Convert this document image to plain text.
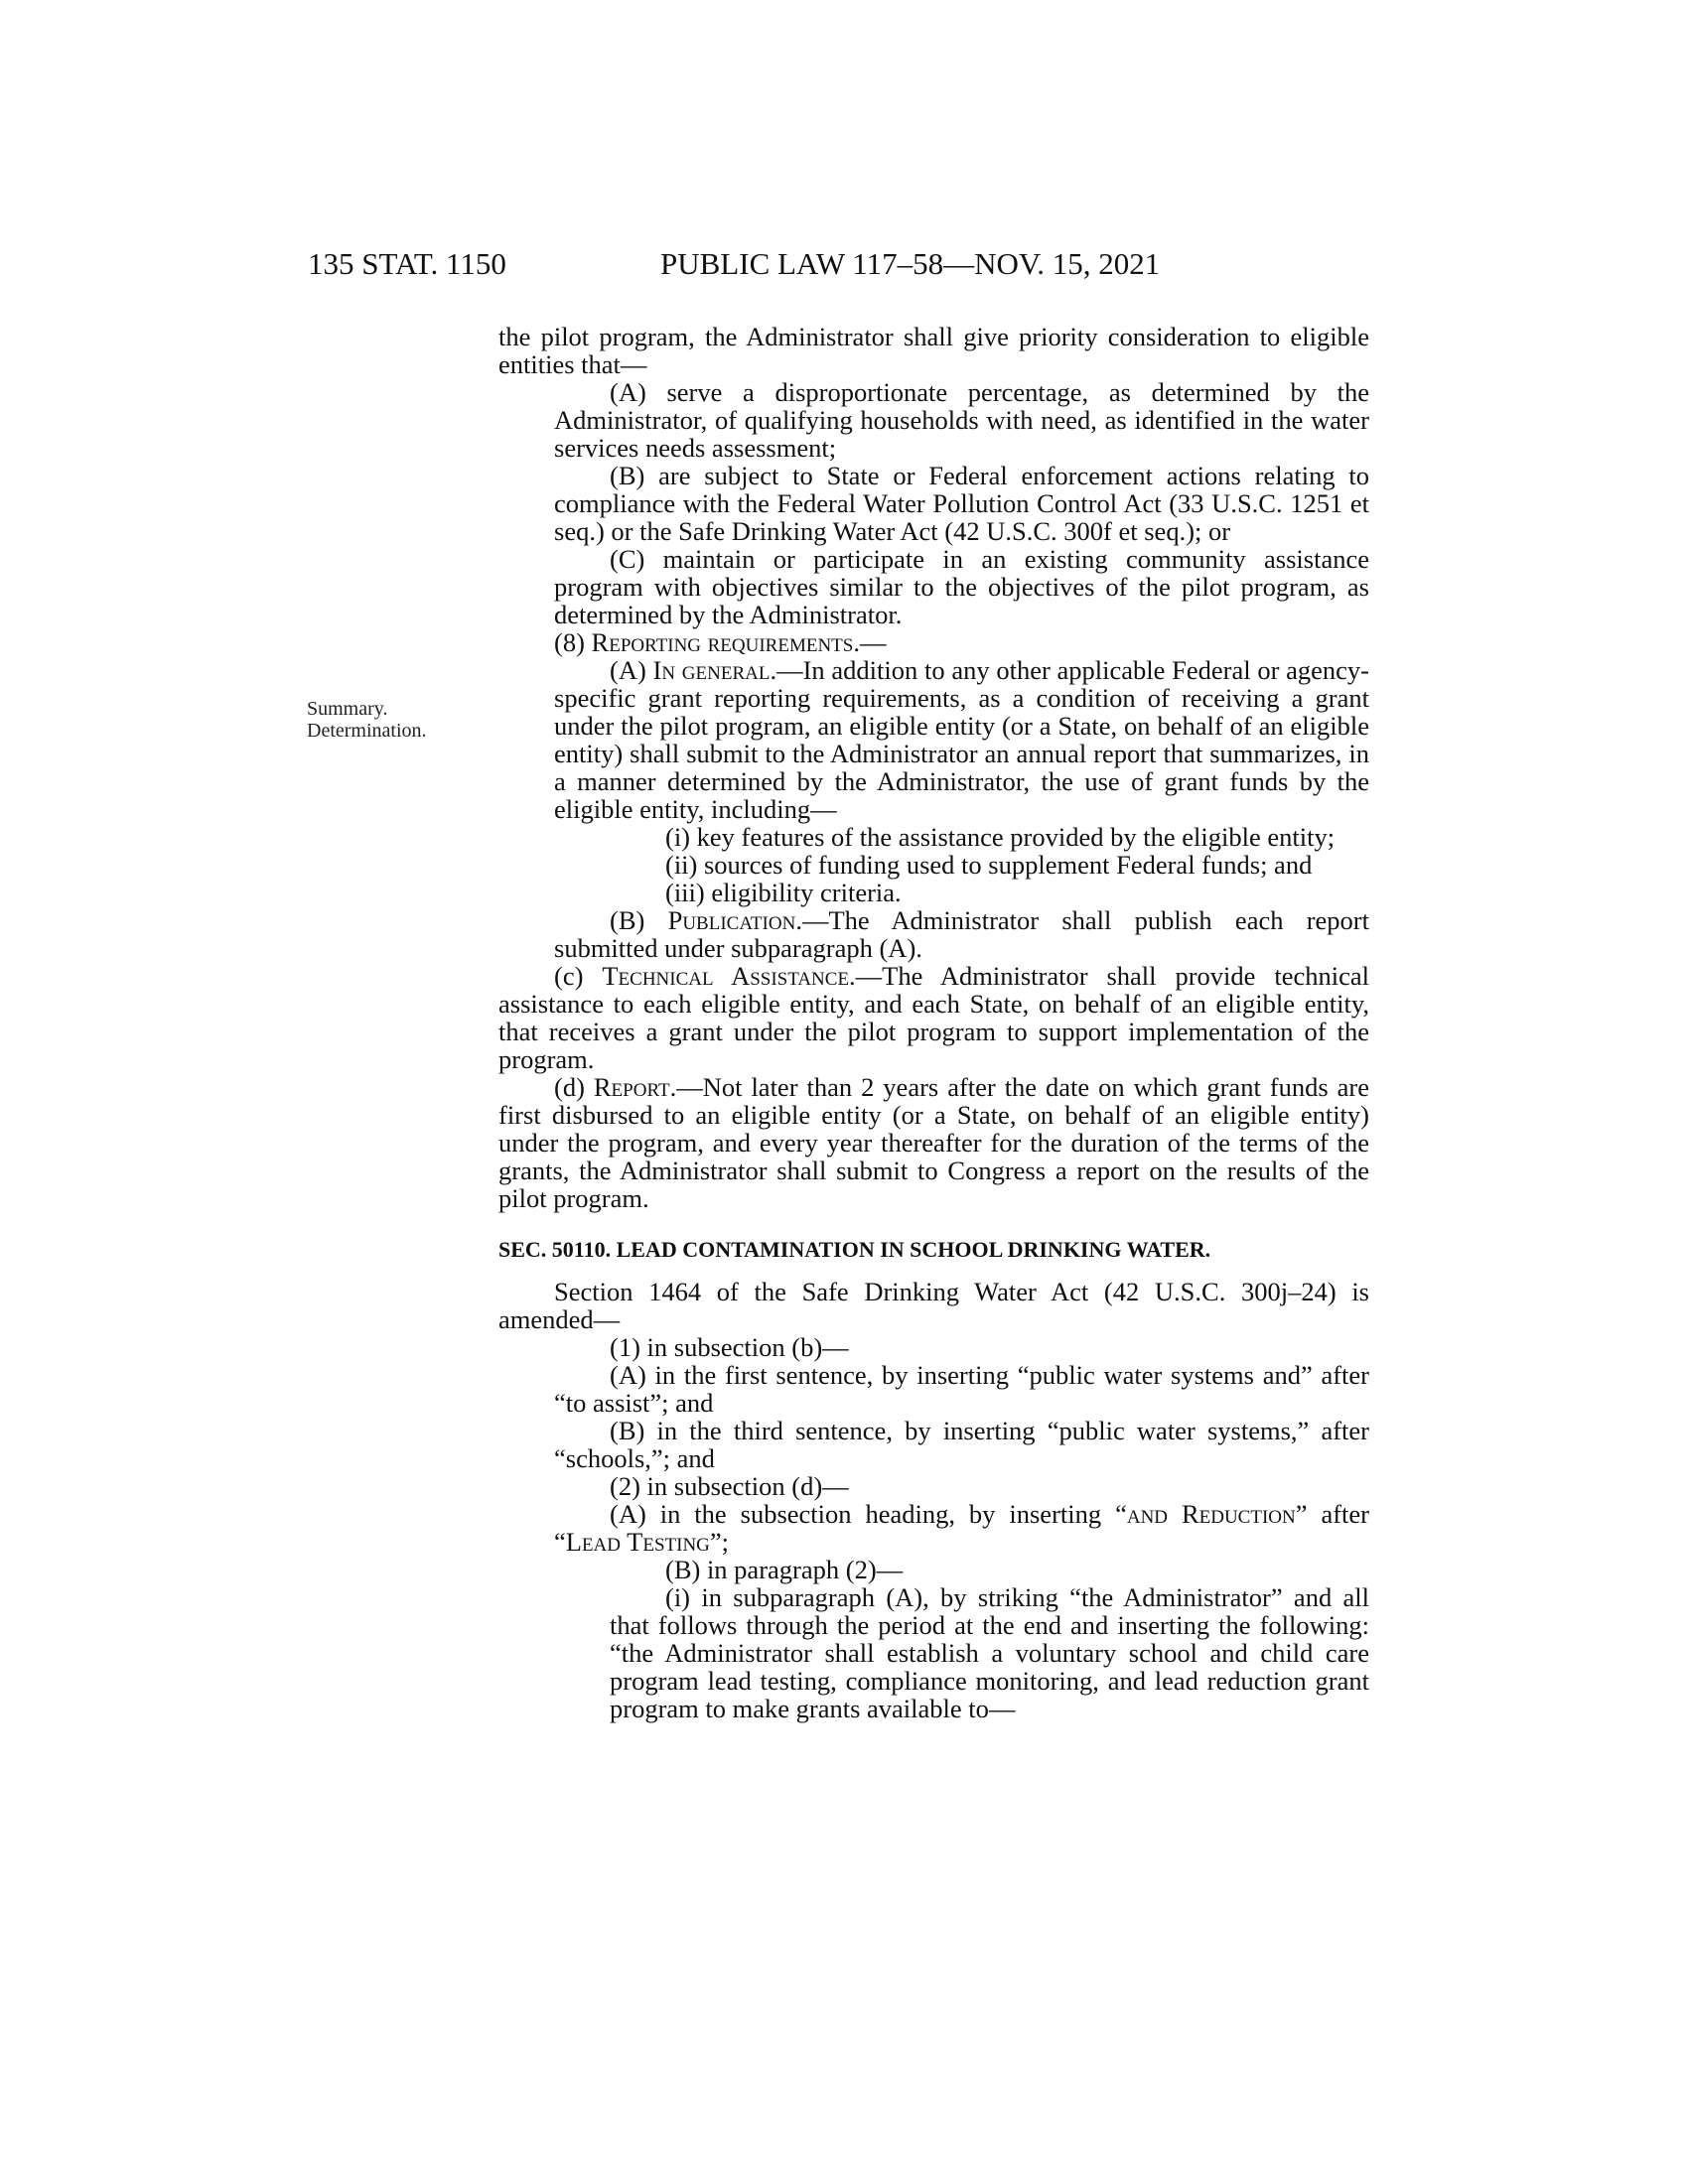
135 STAT. 1150	PUBLIC LAW 117–58—NOV. 15, 2021
Summary.
Determination.

the pilot program, the Administrator shall give priority consideration to eligible entities that—

(A) serve a disproportionate percentage, as determined by the Administrator, of qualifying households with need, as identified in the water services needs assessment;

(B) are subject to State or Federal enforcement actions relating to compliance with the Federal Water Pollution Control Act (33 U.S.C. 1251 et seq.) or the Safe Drinking Water Act (42 U.S.C. 300f et seq.); or

(C) maintain or participate in an existing community assistance program with objectives similar to the objectives of the pilot program, as determined by the Administrator.

(8) Reporting requirements.—

(A) In general.—In addition to any other applicable Federal or agency-specific grant reporting requirements, as a condition of receiving a grant under the pilot program, an eligible entity (or a State, on behalf of an eligible entity) shall submit to the Administrator an annual report that summarizes, in a manner determined by the Administrator, the use of grant funds by the eligible entity, including—

(i) key features of the assistance provided by the eligible entity;

(ii) sources of funding used to supplement Federal funds; and

(iii) eligibility criteria.

(B) Publication.—The Administrator shall publish each report submitted under subparagraph (A).

(c) Technical Assistance.—The Administrator shall provide technical assistance to each eligible entity, and each State, on behalf of an eligible entity, that receives a grant under the pilot program to support implementation of the program.

(d) Report.—Not later than 2 years after the date on which grant funds are first disbursed to an eligible entity (or a State, on behalf of an eligible entity) under the program, and every year thereafter for the duration of the terms of the grants, the Administrator shall submit to Congress a report on the results of the pilot program.

SEC. 50110. LEAD CONTAMINATION IN SCHOOL DRINKING WATER.

Section 1464 of the Safe Drinking Water Act (42 U.S.C. 300j–24) is amended—

(1) in subsection (b)—

(A) in the first sentence, by inserting “public water systems and” after “to assist”; and

(B) in the third sentence, by inserting “public water systems,” after “schools,”; and

(2) in subsection (d)—

(A) in the subsection heading, by inserting “and Reduction” after “Lead Testing”;

(B) in paragraph (2)—

(i) in subparagraph (A), by striking “the Administrator” and all that follows through the period at the end and inserting the following: “the Administrator shall establish a voluntary school and child care program lead testing, compliance monitoring, and lead reduction grant program to make grants available to—
